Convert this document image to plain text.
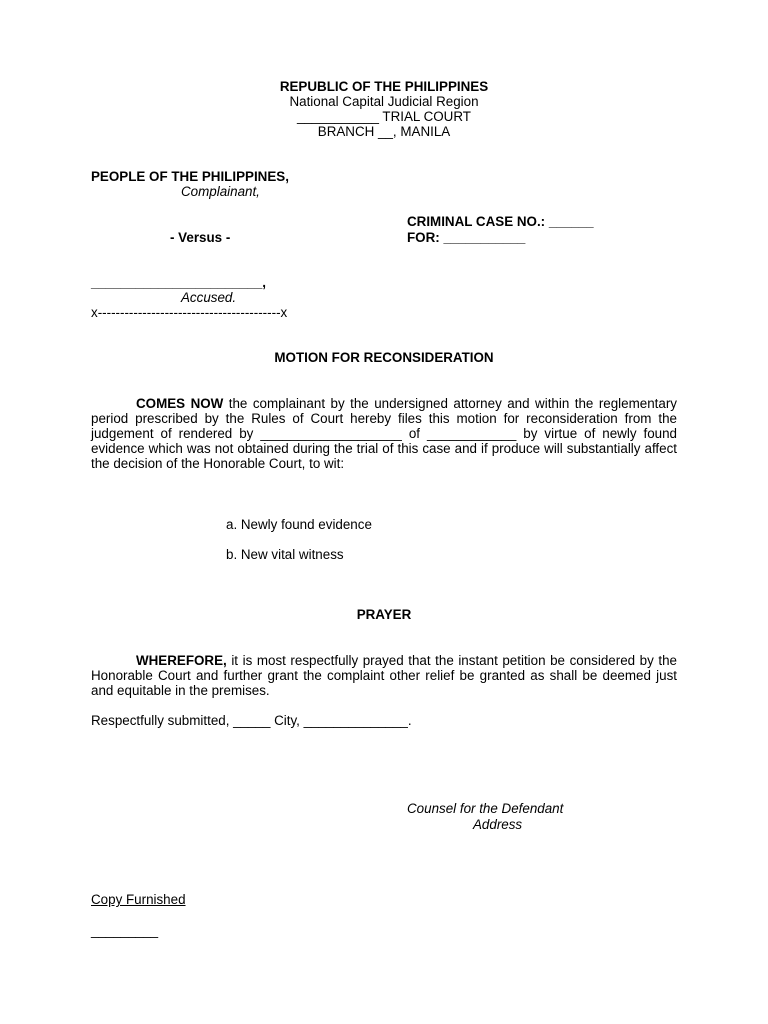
REPUBLIC OF THE PHILIPPINES
National Capital Judicial Region
___________ TRIAL COURT
BRANCH __, MANILA
PEOPLE OF THE PHILIPPINES,
Complainant,
CRIMINAL CASE NO.: ______
- Versus -	FOR: ___________
_______________________,
Accused.
x-----------------------------------------x
MOTION FOR RECONSIDERATION
COMES NOW the complainant by the undersigned attorney and within the reglementary period prescribed by the Rules of Court hereby files this motion for reconsideration from the judgement of rendered by ___________________ of ____________ by virtue of newly found evidence which was not obtained during the trial of this case and if produce will substantially affect the decision of the Honorable Court, to wit:
a. Newly found evidence
b. New vital witness
PRAYER
WHEREFORE, it is most respectfully prayed that the instant petition be considered by the Honorable Court and further grant the complaint other relief be granted as shall be deemed just and equitable in the premises.
Respectfully submitted, _____ City, ______________.
Counsel for the Defendant
Address
Copy Furnished
_________
